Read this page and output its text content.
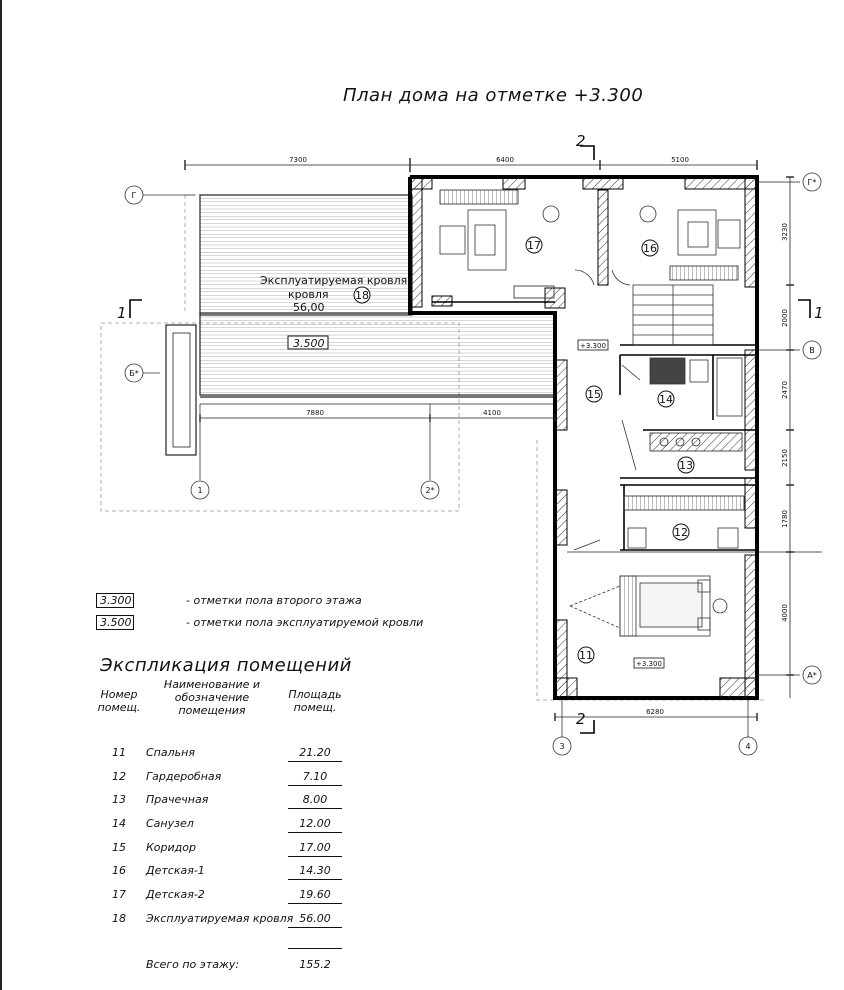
План дома на отметке +3.300
17	16
18
15	14
13
12
11
Эксплуатируемая кровля
кровля
56,00
3.500	+3.300
+3.300
7300	6400	5100
7880	4100
6280
3230
2000
2470
2150
1780
4000
Г
Г*
Б*
В
А*
1	2*
3	4
1	1
2
2
3.300	- отметки пола второго этажа
3.500	- отметки пола эксплуатируемой кровли
Экспликация помещений
Номер помещ.
Наименование и обозначение помещения
Площадь помещ.
11 Спальня	21.20
12 Гардеробная	7.10
13 Прачечная	8.00
14 Санузел	12.00
15 Коридор	17.00
16 Детская-1	14.30
17 Детская-2	19.60
18 Эксплуатируемая кровля 56.00
Всего по этажу:	155.2
